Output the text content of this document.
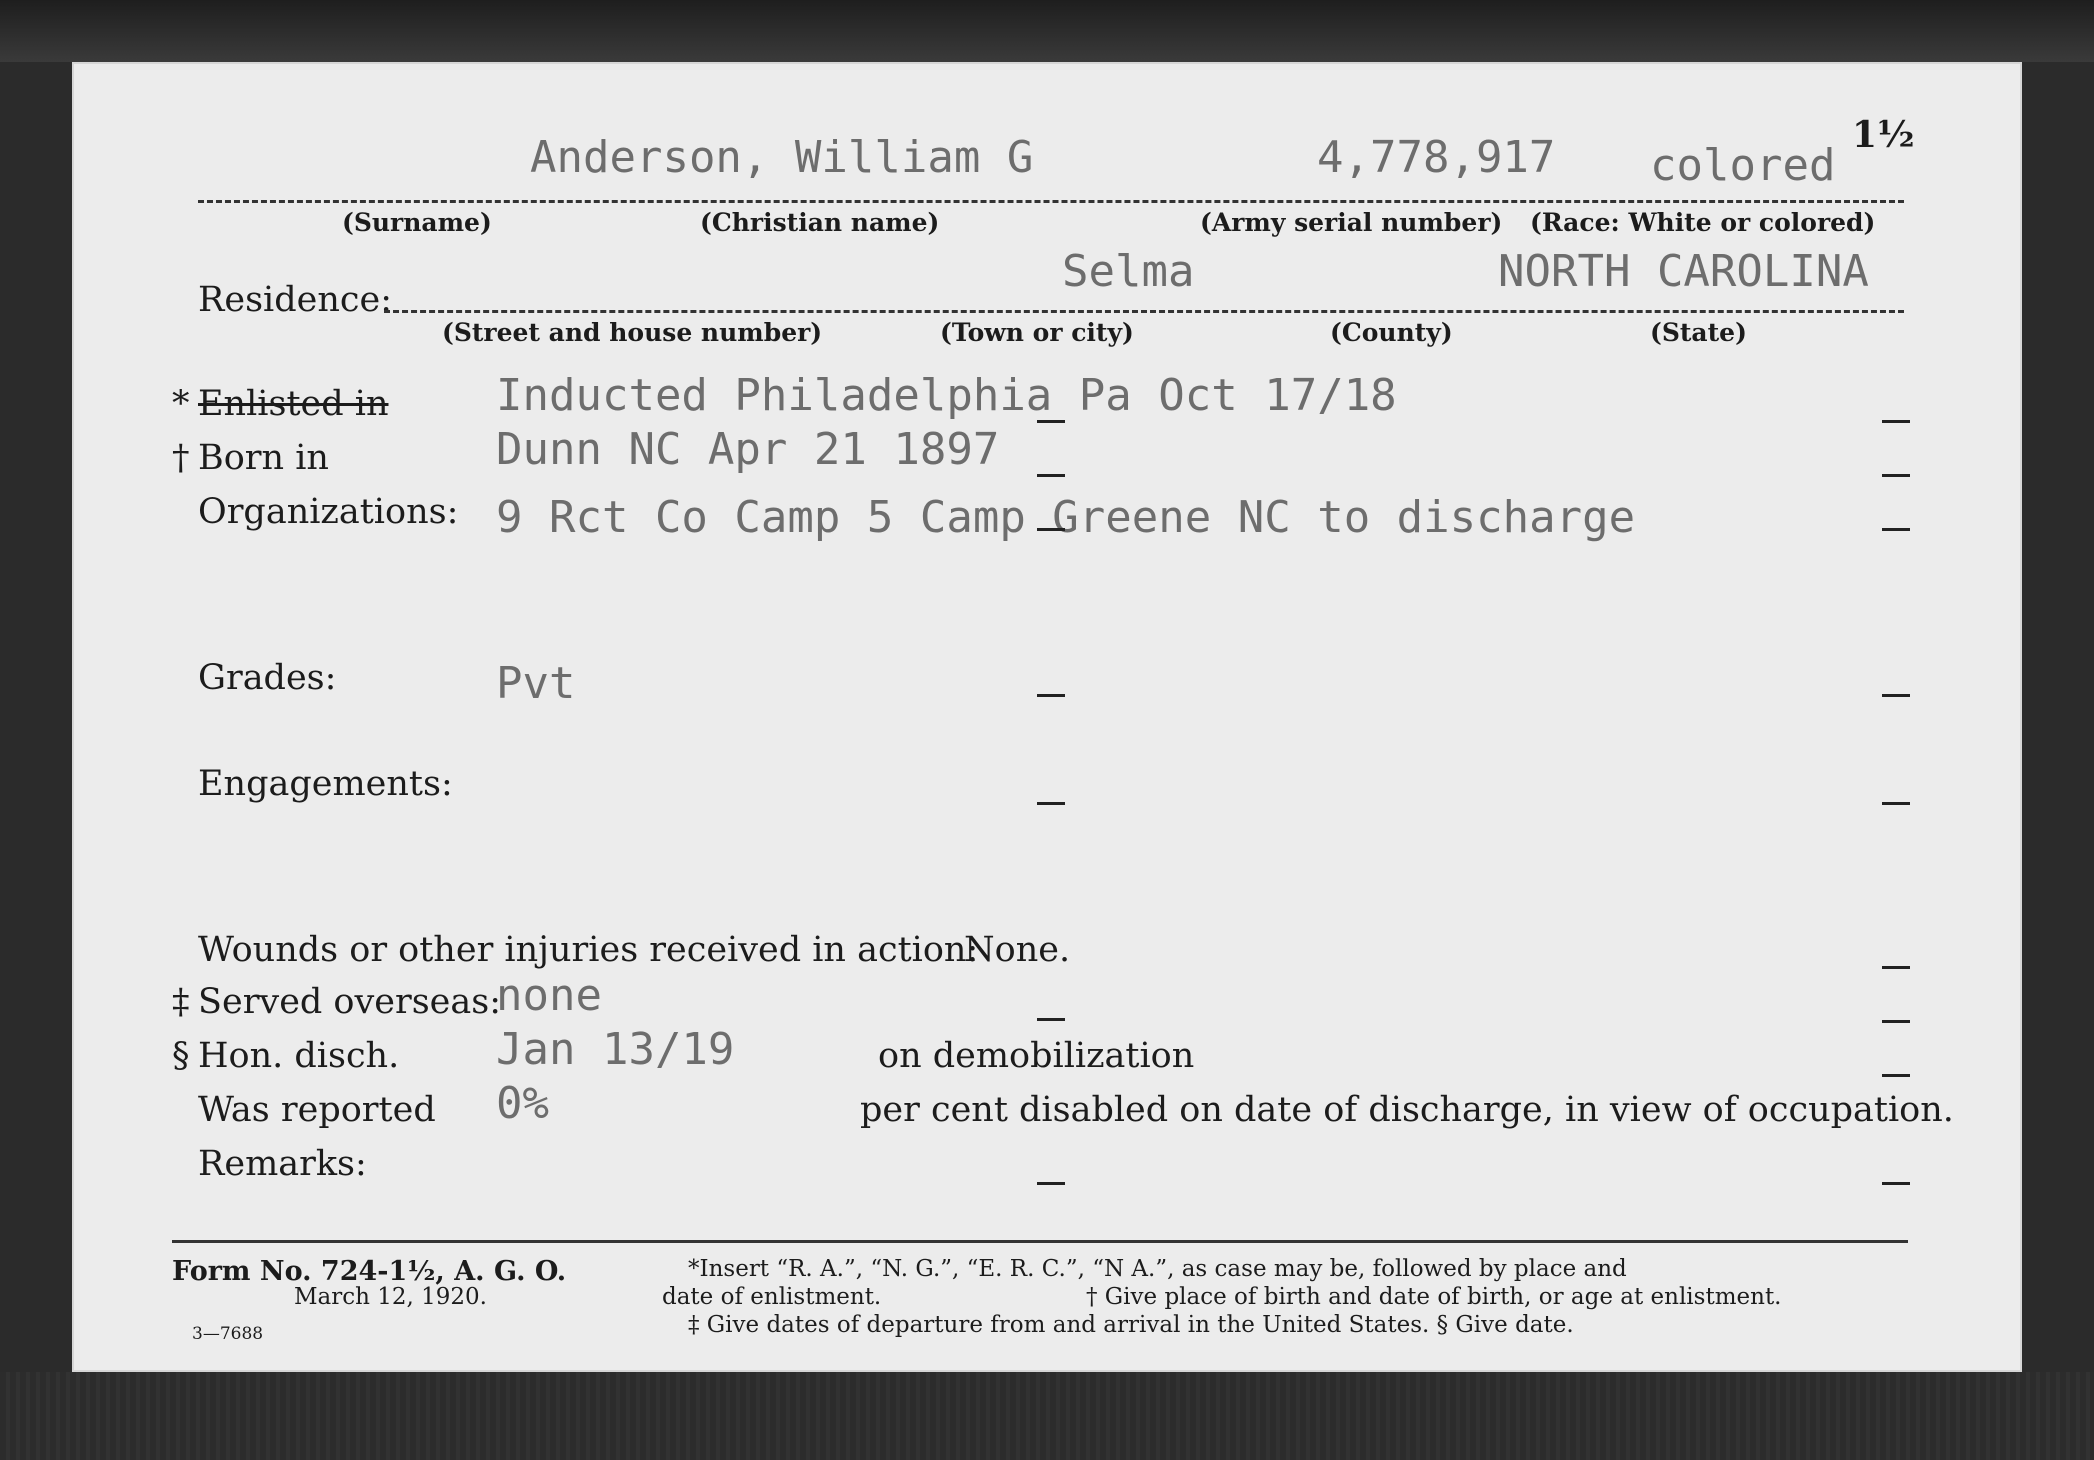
1½
Anderson, William G	4,778,917 colored
(Surname)	(Christian name)	(Army serial number) (Race: White or colored)
Residence:
Selma	NORTH CAROLINA
(Street and house number)	(Town or city)	(County)	(State)
* Enlisted in Inducted Philadelphia Pa Oct 17/18
† Born in	Dunn NC Apr 21 1897
Organizations: 9 Rct Co Camp 5 Camp Greene NC to discharge
Grades:	Pvt
Engagements:
Wounds or other injuries received in action:
None.
‡ Served overseas:
none
§ Hon. disch. Jan 13/19	on demobilization
Was reported 0%	per cent disabled on date of discharge, in view of occupation.
Remarks:
Form No. 724-1½, A. G. O.
March 12, 1920.
3—7688
*Insert “R. A.”, “N. G.”, “E. R. C.”, “N A.”, as case may be, followed by place and
date of enlistment.	† Give place of birth and date of birth, or age at enlistment.
‡ Give dates of departure from and arrival in the United States. § Give date.
